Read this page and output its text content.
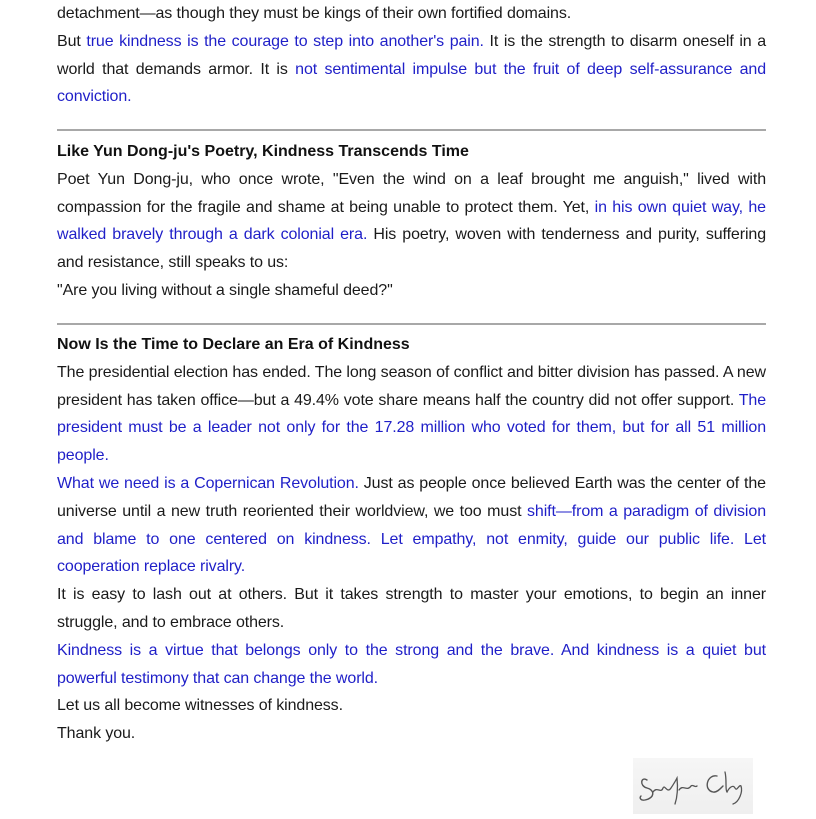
detachment—as though they must be kings of their own fortified domains.

But true kindness is the courage to step into another's pain. It is the strength to disarm oneself in a world that demands armor. It is not sentimental impulse but the fruit of deep self-assurance and conviction.

Like Yun Dong-ju's Poetry, Kindness Transcends Time

Poet Yun Dong-ju, who once wrote, "Even the wind on a leaf brought me anguish," lived with compassion for the fragile and shame at being unable to protect them. Yet, in his own quiet way, he walked bravely through a dark colonial era. His poetry, woven with tenderness and purity, suffering and resistance, still speaks to us:

"Are you living without a single shameful deed?"

Now Is the Time to Declare an Era of Kindness

The presidential election has ended. The long season of conflict and bitter division has passed. A new president has taken office—but a 49.4% vote share means half the country did not offer support. The president must be a leader not only for the 17.28 million who voted for them, but for all 51 million people.

What we need is a Copernican Revolution. Just as people once believed Earth was the center of the universe until a new truth reoriented their worldview, we too must shift—from a paradigm of division and blame to one centered on kindness. Let empathy, not enmity, guide our public life. Let cooperation replace rivalry.

It is easy to lash out at others. But it takes strength to master your emotions, to begin an inner struggle, and to embrace others.

Kindness is a virtue that belongs only to the strong and the brave. And kindness is a quiet but powerful testimony that can change the world.

Let us all become witnesses of kindness.

Thank you.
